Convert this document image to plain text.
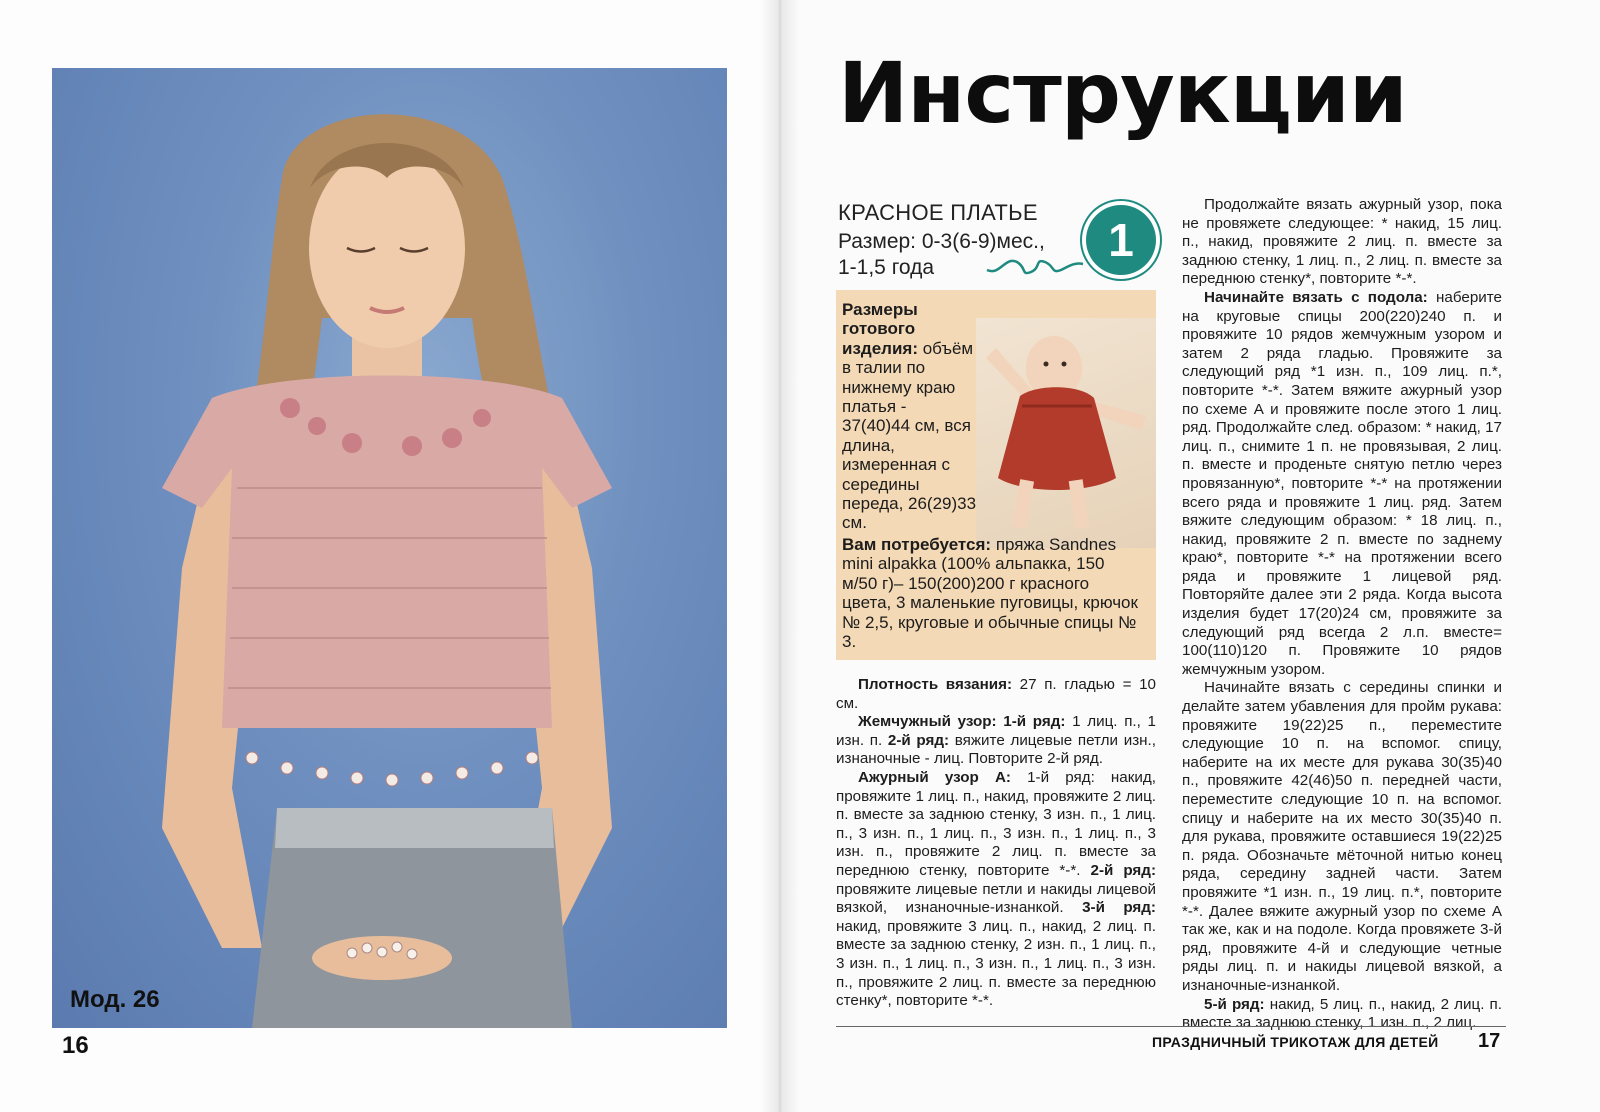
Мод. 26
16
Инструкции
КРАСНОЕ ПЛАТЬЕ
Размер: 0-3(6-9)мес.,
1-1,5 года
1
Размеры готового изделия: объём в талии по нижнему краю платья - 37(40)44 см, вся длина, измеренная с середины переда, 26(29)33 см.
Вам потребуется: пряжа Sandnes mini alpakka (100% альпакка, 150 м/50 г)– 150(200)200 г красного цвета, 3 маленькие пуговицы, крючок № 2,5, круговые и обычные спицы № 3.

Плотность вязания: 27 п. гладью = 10 см.

Жемчужный узор: 1-й ряд: 1 лиц. п., 1 изн. п. 2-й ряд: вяжите лицевые петли изн., изнаночные - лиц. Повторите 2-й ряд.

Ажурный узор А: 1-й ряд: накид, провяжите 1 лиц. п., накид, провяжите 2 лиц. п. вместе за заднюю стенку, 3 изн. п., 1 лиц. п., 3 изн. п., 1 лиц. п., 3 изн. п., 1 лиц. п., 3 изн. п., провяжите 2 лиц. п. вместе за переднюю стенку, повторите *-*. 2-й ряд: провяжите лицевые петли и накиды лицевой вязкой, изнаночные-изнанкой. 3-й ряд: накид, провяжите 3 лиц. п., накид, 2 лиц. п. вместе за заднюю стенку, 2 изн. п., 1 лиц. п., 3 изн. п., 1 лиц. п., 3 изн. п., 1 лиц. п., 3 изн. п., провяжите 2 лиц. п. вместе за переднюю стенку*, повторите *-*.

Продолжайте вязать ажурный узор, пока не провяжете следующее: * накид, 15 лиц. п., накид, провяжите 2 лиц. п. вместе за заднюю стенку, 1 лиц. п., 2 лиц. п. вместе за переднюю стенку*, повторите *-*.

Начинайте вязать с подола: наберите на круговые спицы 200(220)240 п. и провяжите 10 рядов жемчужным узором и затем 2 ряда гладью. Провяжите за следующий ряд *1 изн. п., 109 лиц. п.*, повторите *-*. Затем вяжите ажурный узор по схеме А и провяжите после этого 1 лиц. ряд. Продолжайте след. образом: * накид, 17 лиц. п., снимите 1 п. не провязывая, 2 лиц. п. вместе и проденьте снятую петлю через провязанную*, повторите *-* на протяжении всего ряда и провяжите 1 лиц. ряд. Затем вяжите следующим образом: * 18 лиц. п., накид, провяжите 2 п. вместе по заднему краю*, повторите *-* на протяжении всего ряда и провяжите 1 лицевой ряд. Повторяйте далее эти 2 ряда. Когда высота изделия будет 17(20)24 см, провяжите за следующий ряд всегда 2 л.п. вместе= 100(110)120 п. Провяжите 10 рядов жемчужным узором.

Начинайте вязать с середины спинки и делайте затем убавления для пройм рукава: провяжите 19(22)25 п., переместите следующие 10 п. на вспомог. спицу, наберите на их месте для рукава 30(35)40 п., провяжите 42(46)50 п. передней части, переместите следующие 10 п. на вспомог. спицу и наберите на их место 30(35)40 п. для рукава, провяжите оставшиеся 19(22)25 п. ряда. Обозначьте мёточной нитью конец ряда, середину задней части. Затем провяжите *1 изн. п., 19 лиц. п.*, повторите *-*. Далее вяжите ажурный узор по схеме А так же, как и на подоле. Когда провяжете 3-й ряд, провяжите 4-й и следующие четные ряды лиц. п. и накиды лицевой вязкой, а изнаночные-изнанкой.

5-й ряд: накид, 5 лиц. п., накид, 2 лиц. п. вместе за заднюю стенку, 1 изн. п., 2 лиц.

ПРАЗДНИЧНЫЙ ТРИКОТАЖ ДЛЯ ДЕТЕЙ 17
